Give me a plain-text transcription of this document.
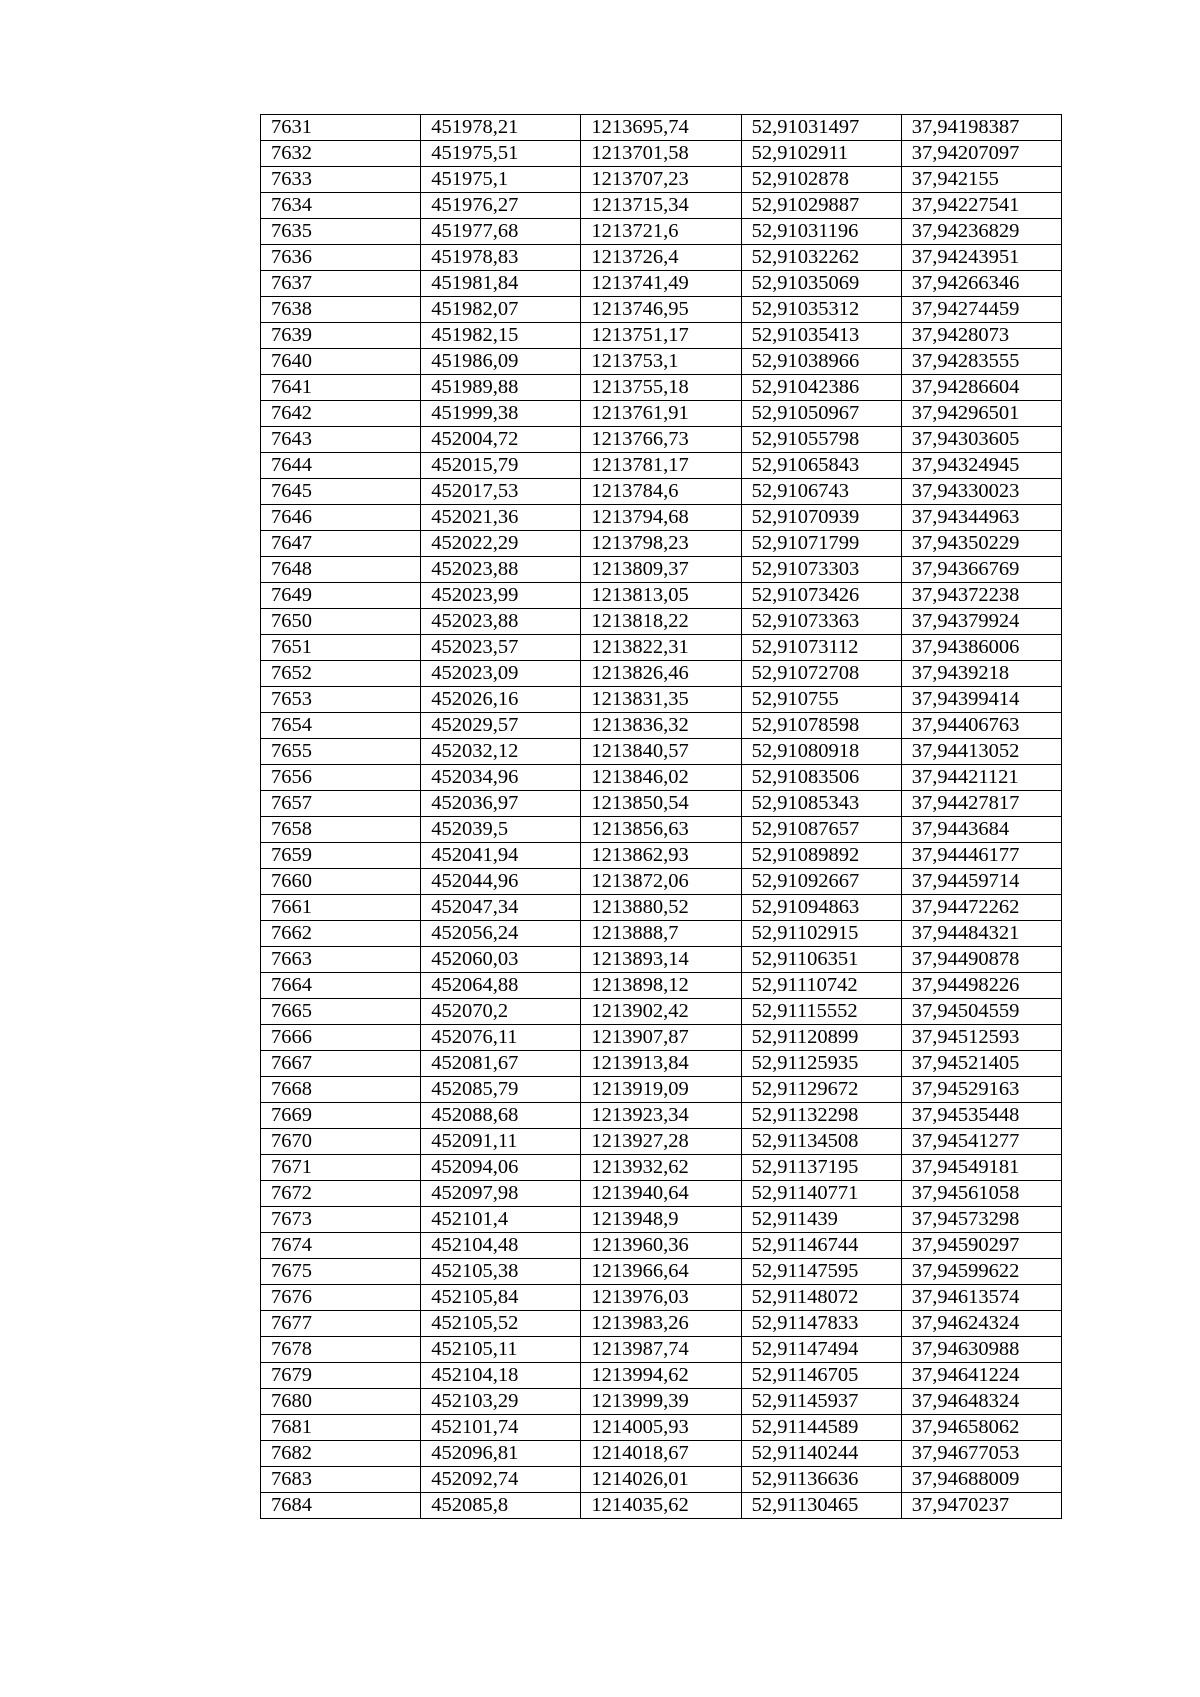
7631	451978,21	1213695,74	52,91031497	37,94198387
7632	451975,51	1213701,58	52,9102911	37,94207097
7633	451975,1	1213707,23	52,9102878	37,942155
7634	451976,27	1213715,34	52,91029887	37,94227541
7635	451977,68	1213721,6	52,91031196	37,94236829
7636	451978,83	1213726,4	52,91032262	37,94243951
7637	451981,84	1213741,49	52,91035069	37,94266346
7638	451982,07	1213746,95	52,91035312	37,94274459
7639	451982,15	1213751,17	52,91035413	37,9428073
7640	451986,09	1213753,1	52,91038966	37,94283555
7641	451989,88	1213755,18	52,91042386	37,94286604
7642	451999,38	1213761,91	52,91050967	37,94296501
7643	452004,72	1213766,73	52,91055798	37,94303605
7644	452015,79	1213781,17	52,91065843	37,94324945
7645	452017,53	1213784,6	52,9106743	37,94330023
7646	452021,36	1213794,68	52,91070939	37,94344963
7647	452022,29	1213798,23	52,91071799	37,94350229
7648	452023,88	1213809,37	52,91073303	37,94366769
7649	452023,99	1213813,05	52,91073426	37,94372238
7650	452023,88	1213818,22	52,91073363	37,94379924
7651	452023,57	1213822,31	52,91073112	37,94386006
7652	452023,09	1213826,46	52,91072708	37,9439218
7653	452026,16	1213831,35	52,910755	37,94399414
7654	452029,57	1213836,32	52,91078598	37,94406763
7655	452032,12	1213840,57	52,91080918	37,94413052
7656	452034,96	1213846,02	52,91083506	37,94421121
7657	452036,97	1213850,54	52,91085343	37,94427817
7658	452039,5	1213856,63	52,91087657	37,9443684
7659	452041,94	1213862,93	52,91089892	37,94446177
7660	452044,96	1213872,06	52,91092667	37,94459714
7661	452047,34	1213880,52	52,91094863	37,94472262
7662	452056,24	1213888,7	52,91102915	37,94484321
7663	452060,03	1213893,14	52,91106351	37,94490878
7664	452064,88	1213898,12	52,91110742	37,94498226
7665	452070,2	1213902,42	52,91115552	37,94504559
7666	452076,11	1213907,87	52,91120899	37,94512593
7667	452081,67	1213913,84	52,91125935	37,94521405
7668	452085,79	1213919,09	52,91129672	37,94529163
7669	452088,68	1213923,34	52,91132298	37,94535448
7670	452091,11	1213927,28	52,91134508	37,94541277
7671	452094,06	1213932,62	52,91137195	37,94549181
7672	452097,98	1213940,64	52,91140771	37,94561058
7673	452101,4	1213948,9	52,911439	37,94573298
7674	452104,48	1213960,36	52,91146744	37,94590297
7675	452105,38	1213966,64	52,91147595	37,94599622
7676	452105,84	1213976,03	52,91148072	37,94613574
7677	452105,52	1213983,26	52,91147833	37,94624324
7678	452105,11	1213987,74	52,91147494	37,94630988
7679	452104,18	1213994,62	52,91146705	37,94641224
7680	452103,29	1213999,39	52,91145937	37,94648324
7681	452101,74	1214005,93	52,91144589	37,94658062
7682	452096,81	1214018,67	52,91140244	37,94677053
7683	452092,74	1214026,01	52,91136636	37,94688009
7684	452085,8	1214035,62	52,91130465	37,9470237
